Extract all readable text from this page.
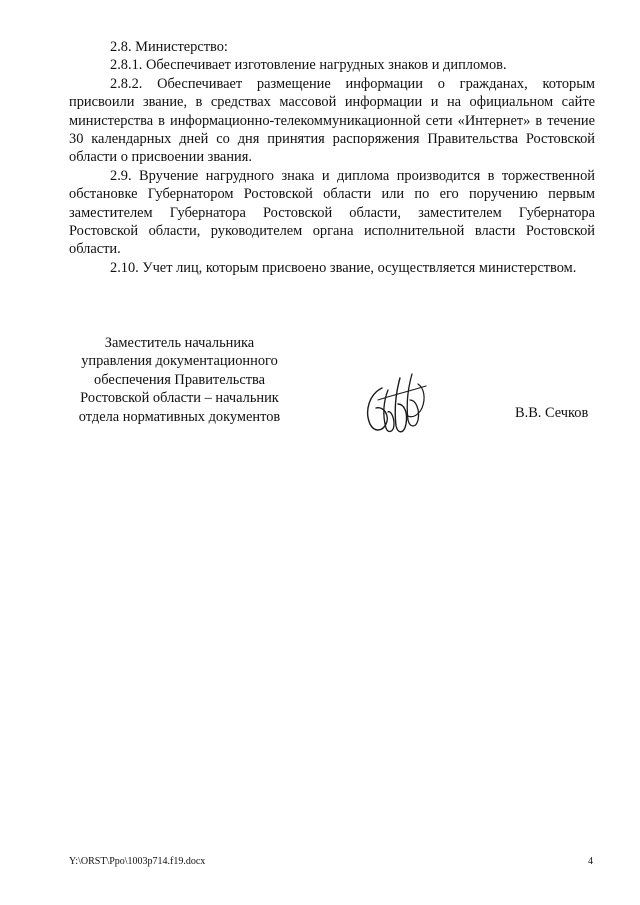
2.8. Министерство:

2.8.1. Обеспечивает изготовление нагрудных знаков и дипломов.

2.8.2. Обеспечивает размещение информации о гражданах, которым присвоили звание, в средствах массовой информации и на официальном сайте министерства в информационно-телекоммуникационной сети «Интернет» в течение 30 календарных дней со дня принятия распоряжения Правительства Ростовской области о присвоении звания.

2.9. Вручение нагрудного знака и диплома производится в торжественной обстановке Губернатором Ростовской области или по его поручению первым заместителем Губернатора Ростовской области, заместителем Губернатора Ростовской области, руководителем органа исполнительной власти Ростовской области.

2.10. Учет лиц, которым присвоено звание, осуществляется министерством.

Заместитель начальника
управления документационного
обеспечения Правительства
Ростовской области – начальник
отдела нормативных документов	В.В. Сечков
Y:\ORST\Ppo\1003p714.f19.docx	4
